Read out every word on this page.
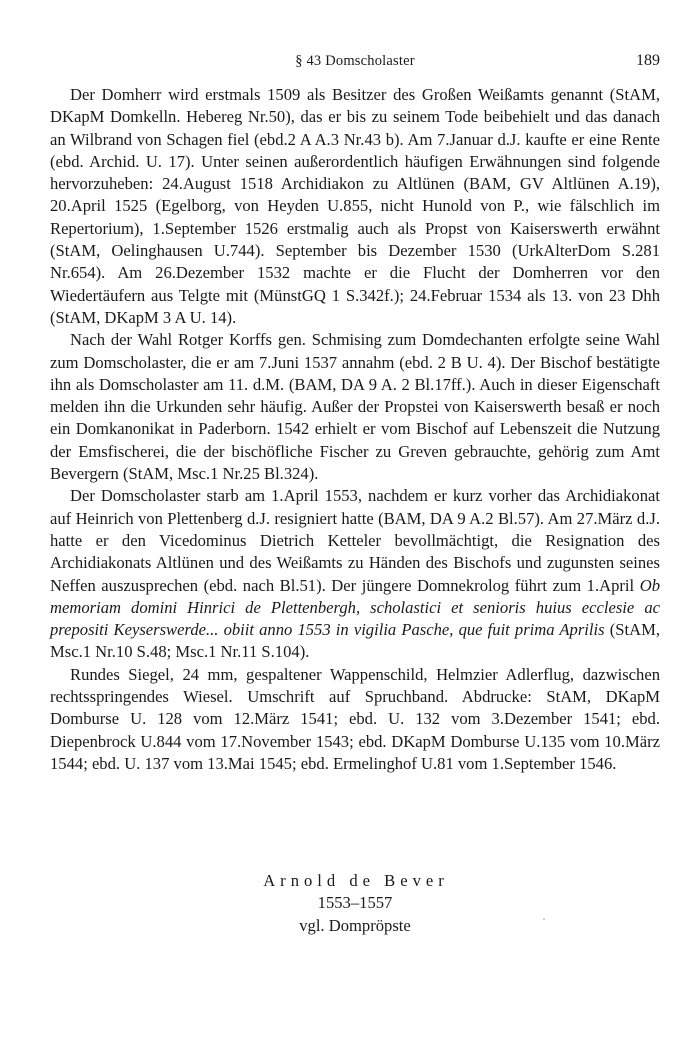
§ 43 Domscholaster	189

Der Domherr wird erstmals 1509 als Besitzer des Großen Weißamts genannt (StAM, DKapM Domkelln. Hebereg Nr.50), das er bis zu seinem Tode beibehielt und das danach an Wilbrand von Schagen fiel (ebd.2 A A.3 Nr.43 b). Am 7.Januar d.J. kaufte er eine Rente (ebd. Archid. U. 17). Unter seinen außerordentlich häufigen Erwähnungen sind folgende hervorzuheben: 24.August 1518 Archidiakon zu Altlünen (BAM, GV Altlünen A.19), 20.April 1525 (Egelborg, von Heyden U.855, nicht Hunold von P., wie fälschlich im Repertorium), 1.September 1526 erstmalig auch als Propst von Kaiserswerth erwähnt (StAM, Oelinghausen U.744). September bis Dezember 1530 (UrkAlterDom S.281 Nr.654). Am 26.Dezember 1532 machte er die Flucht der Domherren vor den Wiedertäufern aus Telgte mit (MünstGQ 1 S.342f.); 24.Februar 1534 als 13. von 23 Dhh (StAM, DKapM 3 A U. 14).

Nach der Wahl Rotger Korffs gen. Schmising zum Domdechanten erfolgte seine Wahl zum Domscholaster, die er am 7.Juni 1537 annahm (ebd. 2 B U. 4). Der Bischof bestätigte ihn als Domscholaster am 11. d.M. (BAM, DA 9 A. 2 Bl.17ff.). Auch in dieser Eigenschaft melden ihn die Urkunden sehr häufig. Außer der Propstei von Kaiserswerth besaß er noch ein Domkanonikat in Paderborn. 1542 erhielt er vom Bischof auf Lebenszeit die Nutzung der Emsfischerei, die der bischöfliche Fischer zu Greven gebrauchte, gehörig zum Amt Bevergern (StAM, Msc.1 Nr.25 Bl.324).

Der Domscholaster starb am 1.April 1553, nachdem er kurz vorher das Archidiakonat auf Heinrich von Plettenberg d.J. resigniert hatte (BAM, DA 9 A.2 Bl.57). Am 27.März d.J. hatte er den Vicedominus Dietrich Ketteler bevollmächtigt, die Resignation des Archidiakonats Altlünen und des Weißamts zu Händen des Bischofs und zugunsten seines Neffen auszusprechen (ebd. nach Bl.51). Der jüngere Domnekrolog führt zum 1.April Ob memoriam domini Hinrici de Plettenbergh, scholastici et senioris huius ecclesie ac prepositi Keyserswerde... obiit anno 1553 in vigilia Pasche, que fuit prima Aprilis (StAM, Msc.1 Nr.10 S.48; Msc.1 Nr.11 S.104).

Rundes Siegel, 24 mm, gespaltener Wappenschild, Helmzier Adlerflug, dazwischen rechtsspringendes Wiesel. Umschrift auf Spruchband. Abdrucke: StAM, DKapM Domburse U. 128 vom 12.März 1541; ebd. U. 132 vom 3.Dezember 1541; ebd. Diepenbrock U.844 vom 17.November 1543; ebd. DKapM Domburse U.135 vom 10.März 1544; ebd. U. 137 vom 13.Mai 1545; ebd. Ermelinghof U.81 vom 1.September 1546.

Arnold de Bever
1553–1557
vgl. Dompröpste
